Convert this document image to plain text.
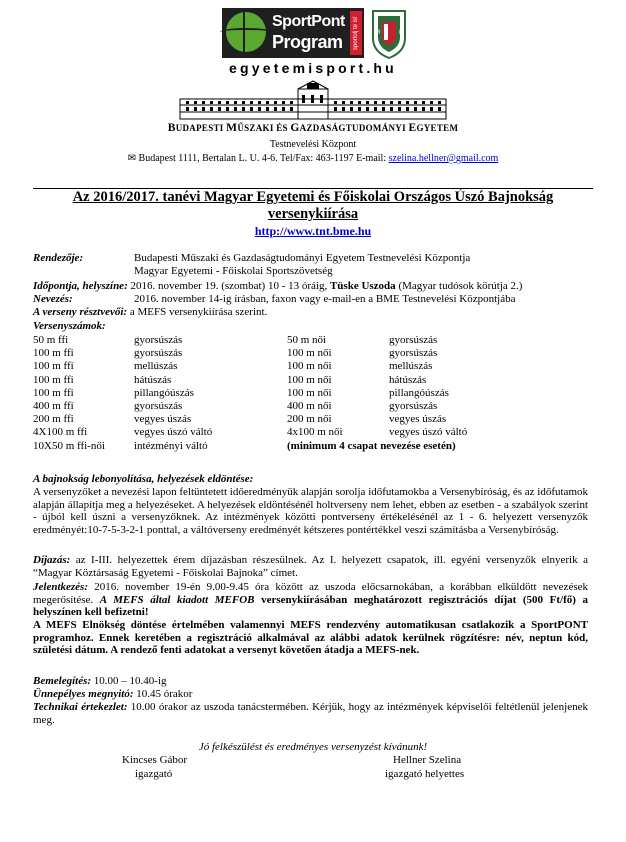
SportPont
Program	sportolj te is! mozdulj M	E
egyetemisport.hu
BUDAPESTI MŰSZAKI ÉS GAZDASÁGTUDOMÁNYI EGYETEM
Testnevelési Központ
✉ Budapest 1111, Bertalan L. U. 4-6. Tel/Fax: 463-1197 E-mail: szelina.hellner@gmail.com
Az 2016/2017. tanévi Magyar Egyetemi és Főiskolai Országos Úszó Bajnokság versenykiírása
http://www.tnt.bme.hu
Rendezője:	Budapesti Műszaki és Gazdaságtudományi Egyetem Testnevelési Központja
Magyar Egyetemi - Főiskolai Sportszövetség
Időpontja, helyszíne: 2016. november 19. (szombat) 10 - 13 óráig, Tüske Uszoda (Magyar tudósok körútja 2.)
Nevezés:	2016. november 14-ig írásban, faxon vagy e-mail-en a BME Testnevelési Központjába
A verseny résztvevői: a MEFS versenykiírása szerint.
Versenyszámok:
50 m ffi	gyorsúszás	50 m női	gyorsúszás
100 m ffi	gyorsúszás	100 m női	gyorsúszás
100 m ffi	mellúszás	100 m női	mellúszás
100 m ffi	hátúszás	100 m női	hátúszás
100 m ffi	pillangóúszás	100 m női	pillangóúszás
400 m ffi	gyorsúszás	400 m női	gyorsúszás
200 m ffi	vegyes úszás	200 m női	vegyes úszás
4X100 m ffi	vegyes úszó váltó	4x100 m női	vegyes úszó váltó
10X50 m ffi-női	intézményi váltó	(minimum 4 csapat nevezése esetén)
A bajnokság lebonyolítása, helyezések eldöntése:
A versenyzőket a nevezési lapon feltüntetett időeredményük alapján sorolja időfutamokba a Versenybíróság, és az időfutamok alapján állapítja meg a helyezéseket. A helyezések eldöntésénél holtverseny nem lehet, ebben az esetben - a szabályok szerint - újból kell úszni a versenyzőknek. Az intézmények közötti pontverseny értékelésénél az 1 - 6. helyezett versenyzők eredményét:10-7-5-3-2-1 ponttal, a váltóverseny eredményét kétszeres pontértékkel veszi számításba a Versenybíróság.
Díjazás: az I-III. helyezettek érem díjazásban részesülnek. Az I. helyezett csapatok, ill. egyéni versenyzők elnyerik a “Magyar Köztársaság Egyetemi - Főiskolai Bajnoka” címet.
Jelentkezés: 2016. november 19-én 9.00-9.45 óra között az uszoda előcsarnokában, a korábban elküldött nevezések megerősítése. A MEFS által kiadott MEFOB versenykiírásában meghatározott regisztrációs díjat (500 Ft/fő) a helyszínen kell befizetni!
A MEFS Elnökség döntése értelmében valamennyi MEFS rendezvény automatikusan csatlakozik a SportPONT programhoz. Ennek keretében a regisztráció alkalmával az alábbi adatok kerülnek rögzítésre: név, neptun kód, születési dátum. A rendező fenti adatokat a versenyt követően átadja a MEFS-nek.
Bemelegítés: 10.00 – 10.40-ig
Ünnepélyes megnyitó: 10.45 órakor
Technikai értekezlet: 10.00 órakor az uszoda tanácstermében. Kérjük, hogy az intézmények képviselői feltétlenül jelenjenek meg.
Jó felkészülést és eredményes versenyzést kívánunk!
Kincses Gábor
igazgató
Hellner Szelina
igazgató helyettes
